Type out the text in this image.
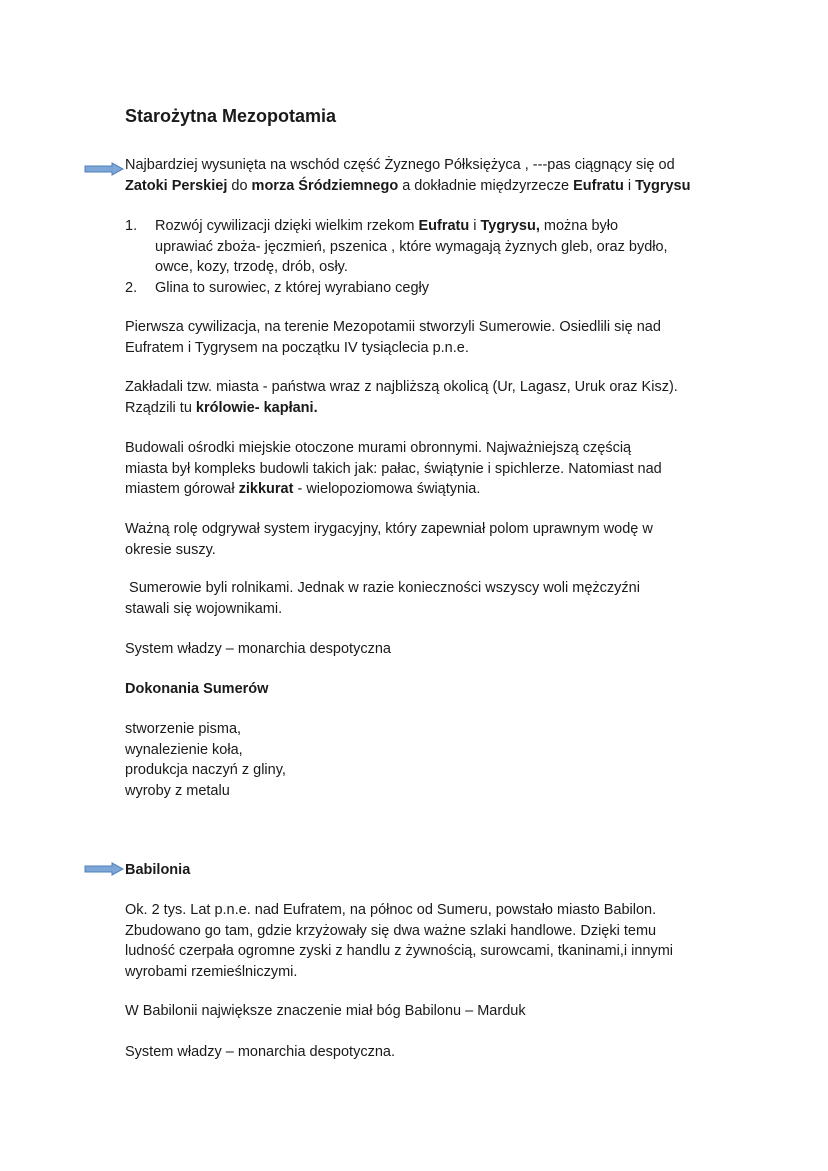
Starożytna Mezopotamia

Najbardziej wysunięta na wschód część Żyznego Półksiężyca , ---pas ciągnący się od

Zatoki Perskiej do morza Śródziemnego a dokładnie międzyrzecze Eufratu i Tygrysu

1. Rozwój cywilizacji dzięki wielkim rzekom Eufratu i Tygrysu, można było
uprawiać zboża- jęczmień, pszenica , które wymagają żyznych gleb, oraz bydło,
owce, kozy, trzodę, drób, osły.
2. Glina to surowiec, z której wyrabiano cegły

Pierwsza cywilizacja, na terenie Mezopotamii stworzyli Sumerowie. Osiedlili się nad

Eufratem i Tygrysem na początku IV tysiąclecia p.n.e.

Zakładali tzw. miasta - państwa wraz z najbliższą okolicą (Ur, Lagasz, Uruk oraz Kisz).

Rządzili tu królowie- kapłani.

Budowali ośrodki miejskie otoczone murami obronnymi. Najważniejszą częścią

miasta był kompleks budowli takich jak: pałac, świątynie i spichlerze. Natomiast nad

miastem górował zikkurat - wielopoziomowa świątynia.

Ważną rolę odgrywał system irygacyjny, który zapewniał polom uprawnym wodę w

okresie suszy.

Sumerowie byli rolnikami. Jednak w razie konieczności wszyscy woli mężczyźni

stawali się wojownikami.

System władzy – monarchia despotyczna

Dokonania Sumerów

stworzenie pisma,
wynalezienie koła,
produkcja naczyń z gliny,
wyroby z metalu

Babilonia

Ok. 2 tys. Lat p.n.e. nad Eufratem, na północ od Sumeru, powstało miasto Babilon.

Zbudowano go tam, gdzie krzyżowały się dwa ważne szlaki handlowe. Dzięki temu

ludność czerpała ogromne zyski z handlu z żywnością, surowcami, tkaninami,i innymi

wyrobami rzemieślniczymi.

W Babilonii największe znaczenie miał bóg Babilonu – Marduk

System władzy – monarchia despotyczna.
